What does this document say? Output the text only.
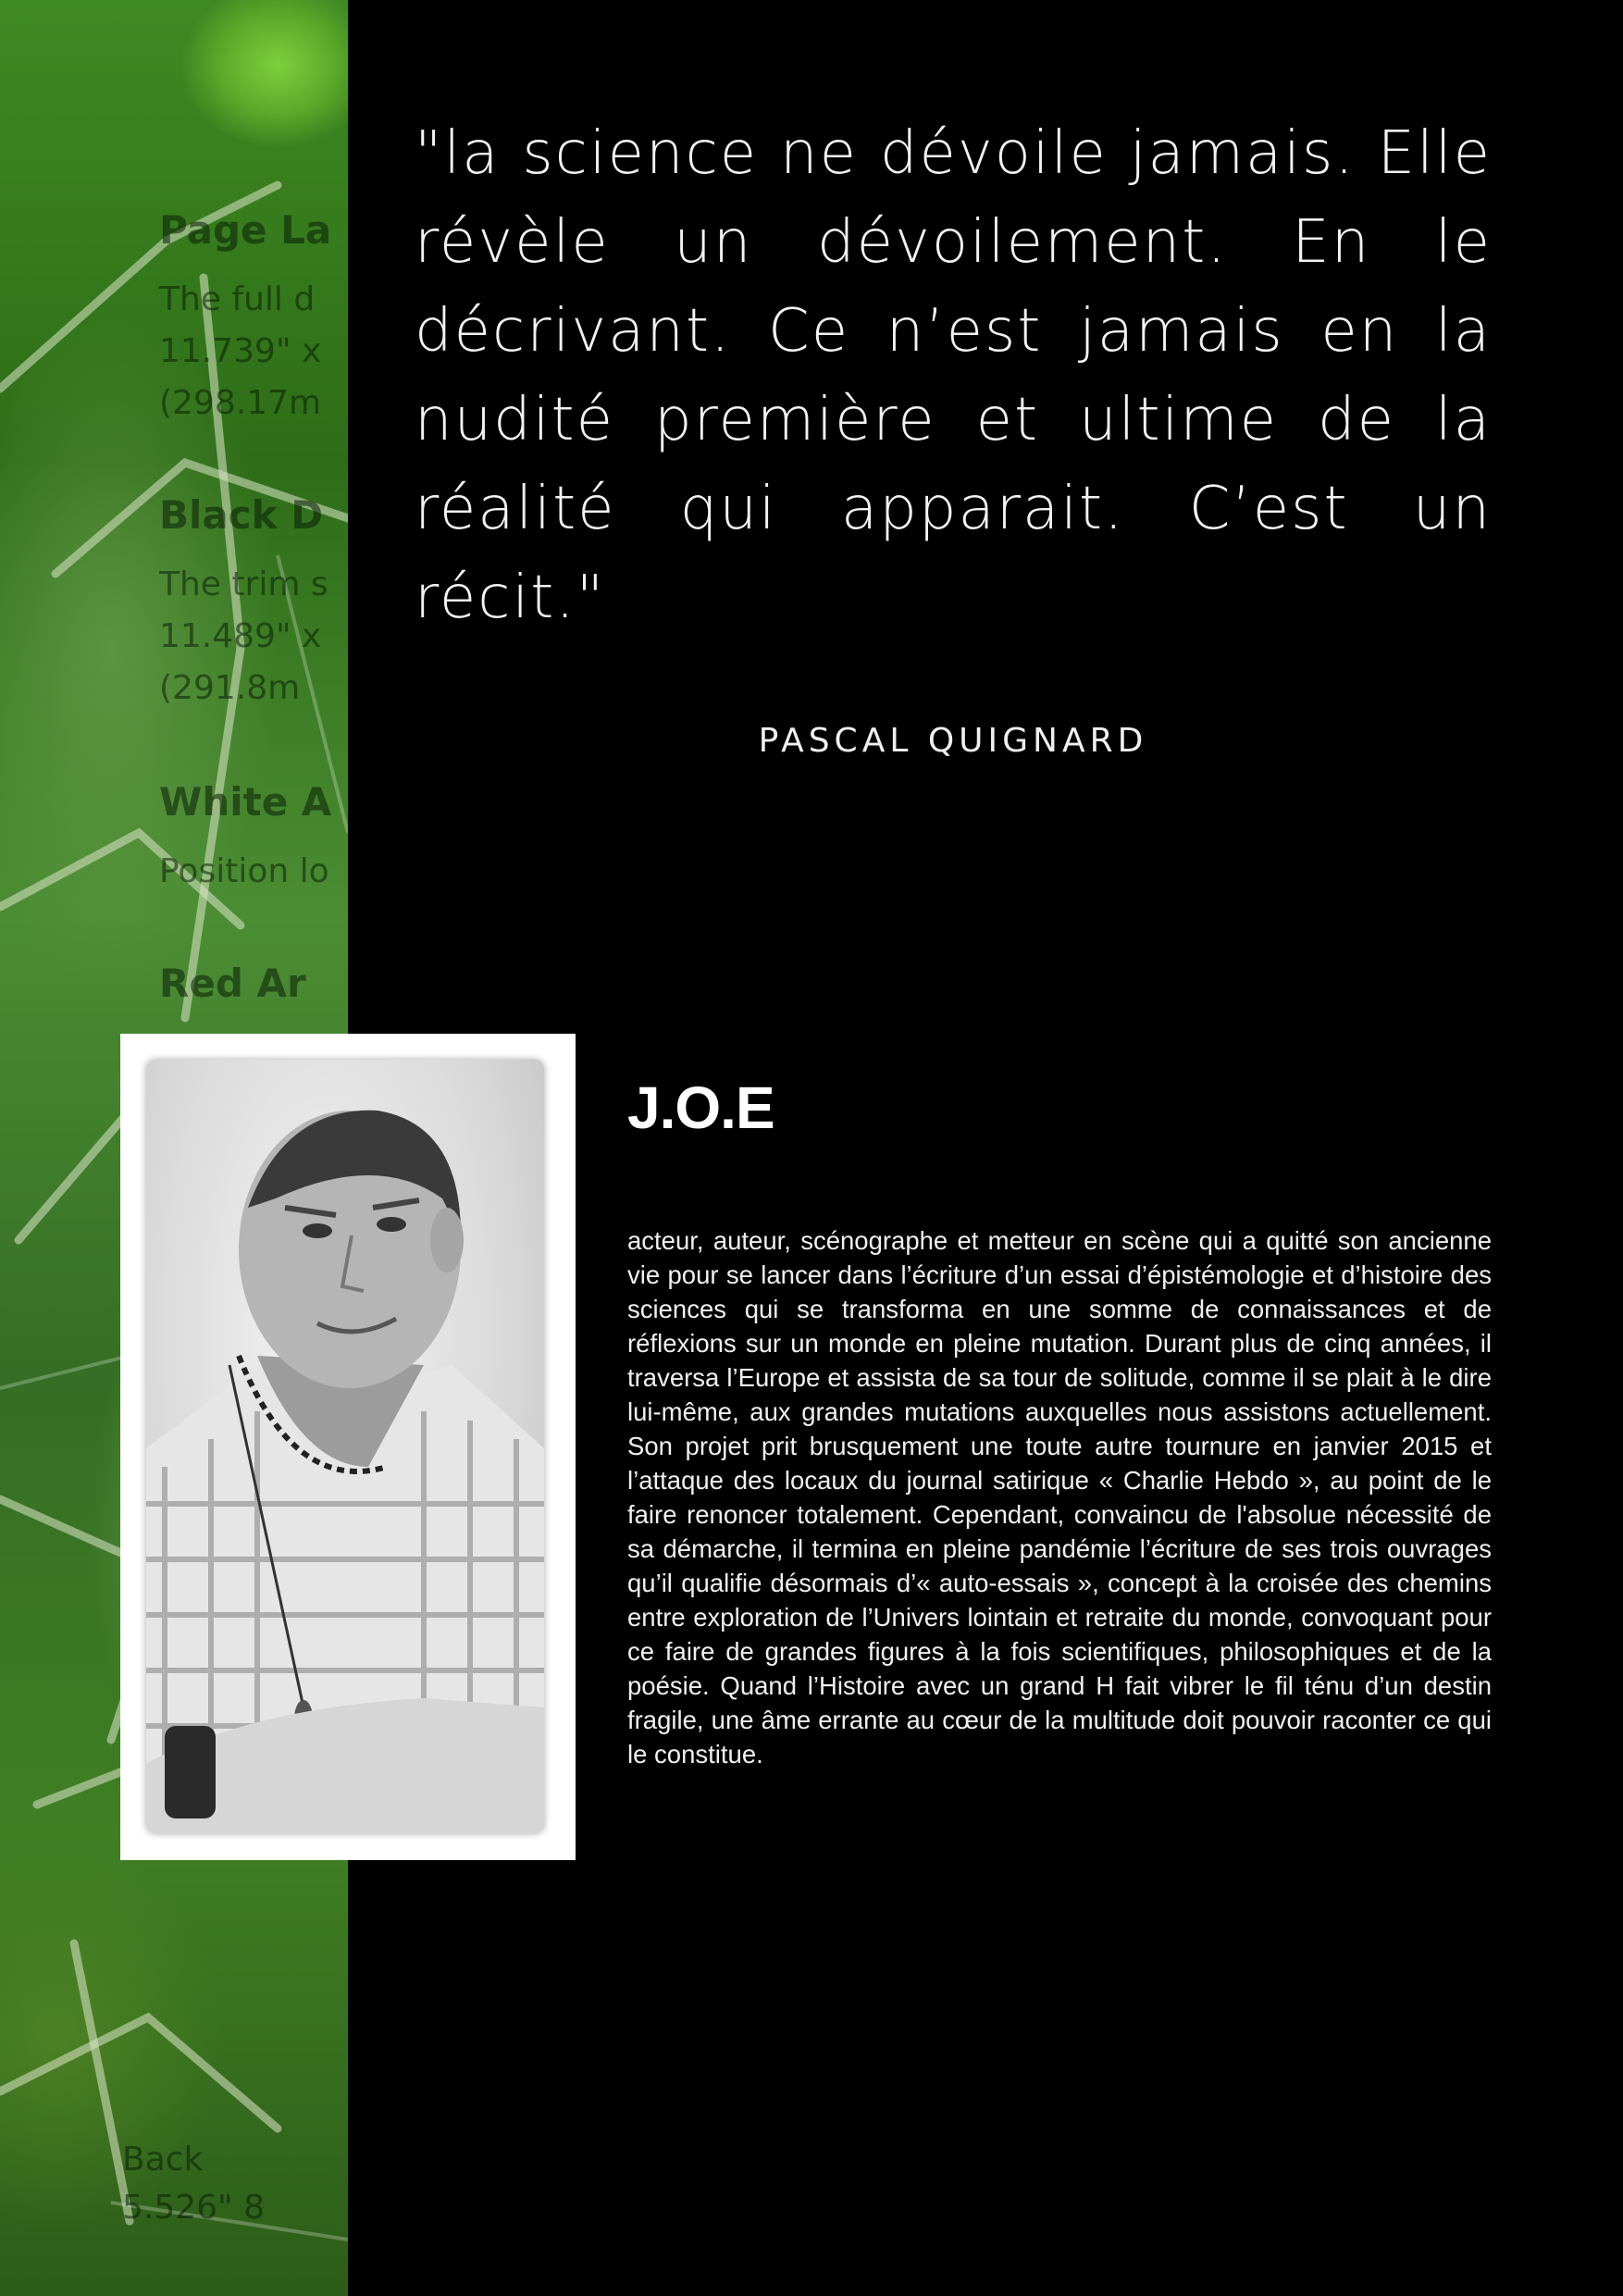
Page La
The full d
11.739" x
(298.17m
Black D
The trim s
11.489" x
(291.8m
White A
Position lo
Red Ar
Back
5.526" 8

"la science ne dévoile jamais. Elle révèle un dévoilement. En le décrivant. Ce n’est jamais en la nudité première et ultime de la réalité qui apparait. C’est un récit."

PASCAL QUIGNARD

J.O.E

acteur, auteur, scénographe et metteur en scène qui a quitté son ancienne vie pour se lancer dans l’écriture d’un essai d’épistémologie et d’histoire des sciences qui se transforma en une somme de connaissances et de réflexions sur un monde en pleine mutation. Durant plus de cinq années, il traversa l’Europe et assista de sa tour de solitude, comme il se plait à le dire lui-même, aux grandes mutations auxquelles nous assistons actuellement. Son projet prit brusquement une toute autre tournure en janvier 2015 et l’attaque des locaux du journal satirique « Charlie Hebdo », au point de le faire renoncer totalement. Cependant, convaincu de l'absolue nécessité de sa démarche, il termina en pleine pandémie l’écriture de ses trois ouvrages qu’il qualifie désormais d’« auto-essais », concept à la croisée des chemins entre exploration de l’Univers lointain et retraite du monde, convoquant pour ce faire de grandes figures à la fois scientifiques, philosophiques et de la poésie. Quand l’Histoire avec un grand H fait vibrer le fil ténu d’un destin fragile, une âme errante au cœur de la multitude doit pouvoir raconter ce qui le constitue.
